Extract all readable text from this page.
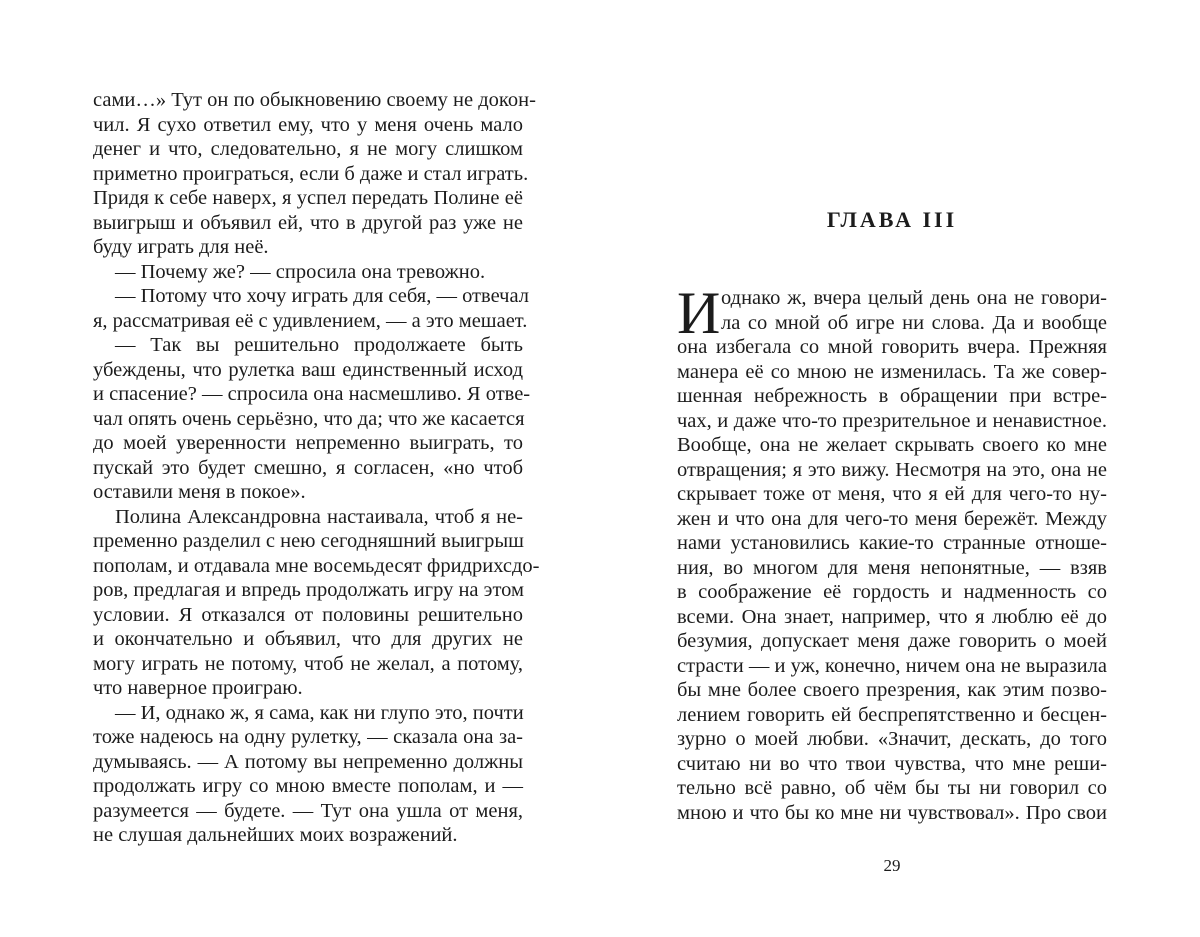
сами…» Тут он по обыкновению своему не докон-
чил. Я сухо ответил ему, что у меня очень мало
денег и что, следовательно, я не могу слишком
приметно проиграться, если б даже и стал играть.
Придя к себе наверх, я успел передать Полине её
выигрыш и объявил ей, что в другой раз уже не
буду играть для неё.
— Почему же? — спросила она тревожно.
— Потому что хочу играть для себя, — отвечал
я, рассматривая её с удивлением, — а это мешает.
— Так вы решительно продолжаете быть
убеждены, что рулетка ваш единственный исход
и спасение? — спросила она насмешливо. Я отве-
чал опять очень серьёзно, что да; что же касается
до моей уверенности непременно выиграть, то
пускай это будет смешно, я согласен, «но чтоб
оставили меня в покое».
Полина Александровна настаивала, чтоб я не-
пременно разделил с нею сегодняшний выигрыш
пополам, и отдавала мне восемьдесят фридрихсдо-
ров, предлагая и впредь продолжать игру на этом
условии. Я отказался от половины решительно
и окончательно и объявил, что для других не
могу играть не потому, чтоб не желал, а потому,
что наверное проиграю.
— И, однако ж, я сама, как ни глупо это, почти
тоже надеюсь на одну рулетку, — сказала она за-
думываясь. — А потому вы непременно должны
продолжать игру со мною вместе пополам, и —
разумеется — будете. — Тут она ушла от меня,
не слушая дальнейших моих возражений.
ГЛАВА III
И однако ж, вчера целый день она не говори-
ла со мной об игре ни слова. Да и вообще
она избегала со мной говорить вчера. Прежняя
манера её со мною не изменилась. Та же совер-
шенная небрежность в обращении при встре-
чах, и даже что-то презрительное и ненавистное.
Вообще, она не желает скрывать своего ко мне
отвращения; я это вижу. Несмотря на это, она не
скрывает тоже от меня, что я ей для чего-то ну-
жен и что она для чего-то меня бережёт. Между
нами установились какие-то странные отноше-
ния, во многом для меня непонятные, — взяв
в соображение её гордость и надменность со
всеми. Она знает, например, что я люблю её до
безумия, допускает меня даже говорить о моей
страсти — и уж, конечно, ничем она не выразила
бы мне более своего презрения, как этим позво-
лением говорить ей беспрепятственно и бесцен-
зурно о моей любви. «Значит, дескать, до того
считаю ни во что твои чувства, что мне реши-
тельно всё равно, об чём бы ты ни говорил со
мною и что бы ко мне ни чувствовал». Про свои
29
